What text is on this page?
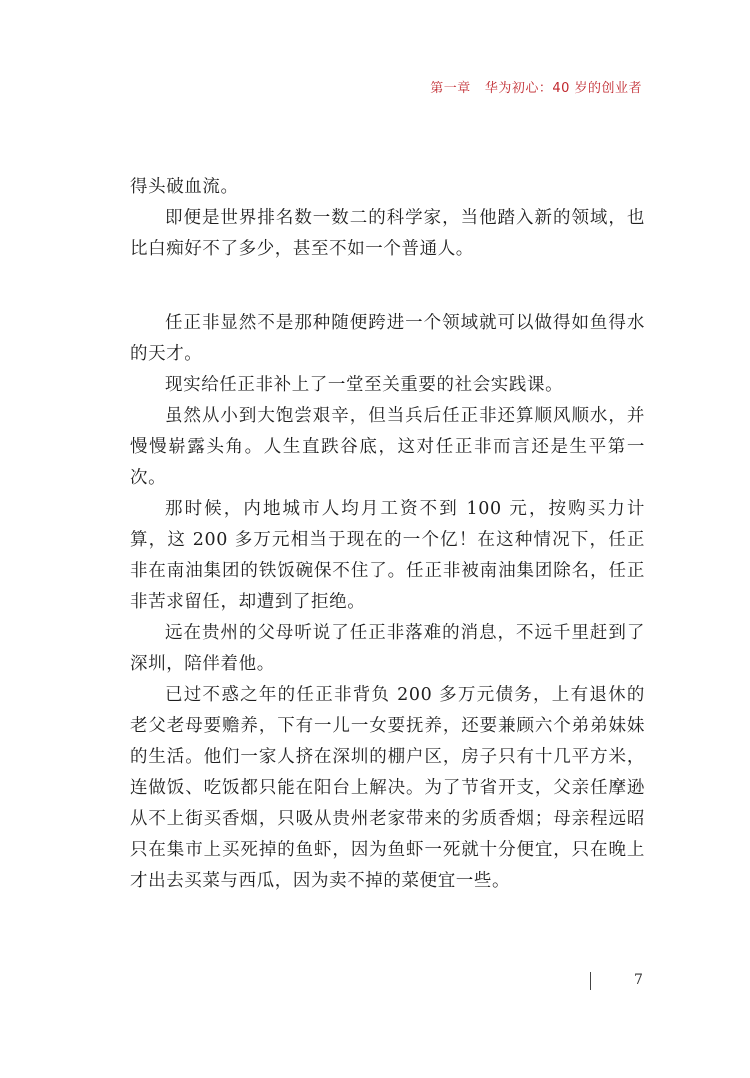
第一章 华为初心：40 岁的创业者

得头破血流。

即便是世界排名数一数二的科学家，当他踏入新的领域，也比白痴好不了多少，甚至不如一个普通人。

任正非显然不是那种随便跨进一个领域就可以做得如鱼得水的天才。

现实给任正非补上了一堂至关重要的社会实践课。

虽然从小到大饱尝艰辛，但当兵后任正非还算顺风顺水，并慢慢崭露头角。人生直跌谷底，这对任正非而言还是生平第一次。

那时候，内地城市人均月工资不到 100 元，按购买力计算，这 200 多万元相当于现在的一个亿！在这种情况下，任正非在南油集团的铁饭碗保不住了。任正非被南油集团除名，任正非苦求留任，却遭到了拒绝。

远在贵州的父母听说了任正非落难的消息，不远千里赶到了深圳，陪伴着他。

已过不惑之年的任正非背负 200 多万元债务，上有退休的老父老母要赡养，下有一儿一女要抚养，还要兼顾六个弟弟妹妹的生活。他们一家人挤在深圳的棚户区，房子只有十几平方米，连做饭、吃饭都只能在阳台上解决。为了节省开支，父亲任摩逊从不上街买香烟，只吸从贵州老家带来的劣质香烟；母亲程远昭只在集市上买死掉的鱼虾，因为鱼虾一死就十分便宜，只在晚上才出去买菜与西瓜，因为卖不掉的菜便宜一些。

7
